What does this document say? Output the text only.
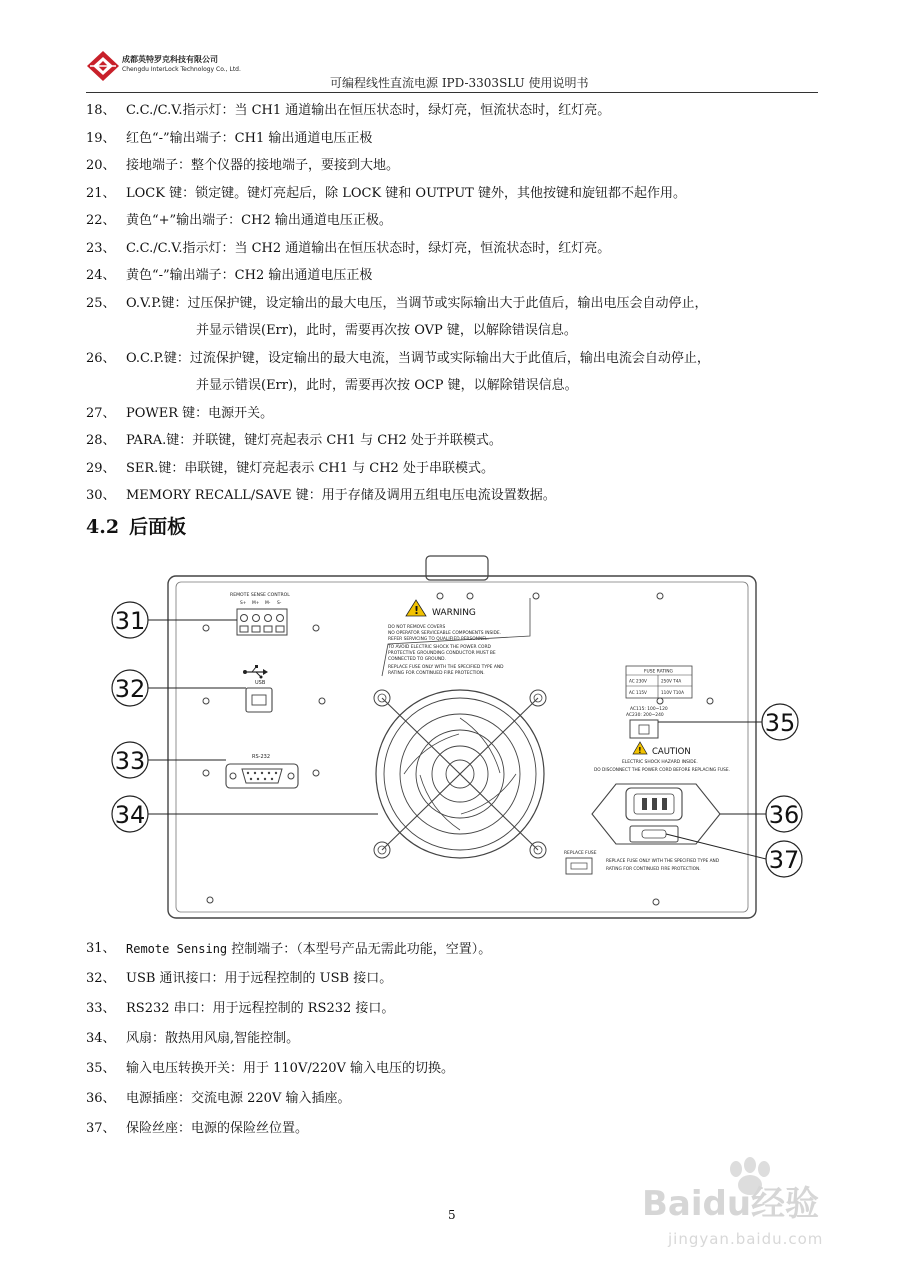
成都英特罗克科技有限公司
Chengdu InterLock Technology Co., Ltd.
可编程线性直流电源 IPD-3303SLU 使用说明书
18、 C.C./C.V.指示灯：当 CH1 通道输出在恒压状态时，绿灯亮，恒流状态时，红灯亮。
19、 红色“-”输出端子：CH1 输出通道电压正极
20、 接地端子：整个仪器的接地端子，要接到大地。
21、 LOCK 键：锁定键。键灯亮起后，除 LOCK 键和 OUTPUT 键外，其他按键和旋钮都不起作用。
22、 黄色“+”输出端子：CH2 输出通道电压正极。
23、 C.C./C.V.指示灯：当 CH2 通道输出在恒压状态时，绿灯亮，恒流状态时，红灯亮。
24、 黄色“-”输出端子：CH2 输出通道电压正极
25、 O.V.P.键：过压保护键，设定输出的最大电压，当调节或实际输出大于此值后，输出电压会自动停止，
并显示错误(Err)，此时，需要再次按 OVP 键，以解除错误信息。
26、 O.C.P.键：过流保护键，设定输出的最大电流，当调节或实际输出大于此值后，输出电流会自动停止，
并显示错误(Err)，此时，需要再次按 OCP 键，以解除错误信息。
27、 POWER 键：电源开关。
28、 PARA.键：并联键，键灯亮起表示 CH1 与 CH2 处于并联模式。
29、 SER.键：串联键，键灯亮起表示 CH1 与 CH2 处于串联模式。
30、 MEMORY RECALL/SAVE 键：用于存储及调用五组电压电流设置数据。
4.2 后面板
REMOTE SENSE CONTROL
S+ M+ M- S-
USB
RS-232
! WARNING
DO NOT REMOVE COVERS
NO OPERATOR SERVICEABLE COMPONENTS INSIDE.
REFER SERVICING TO QUALIFIED PERSONNEL.
TO AVOID ELECTRIC SHOCK THE POWER CORD
PROTECTIVE GROUNDING CONDUCTOR MUST BE
CONNECTED TO GROUND.
REPLACE FUSE ONLY WITH THE SPECIFIED TYPE AND
RATING FOR CONTINUED FIRE PROTECTION.	FUSE RATING
AC 230V	250V T4A
AC 115V	110V T10A
AC115: 100~120
AC230: 200~240
! CAUTION
ELECTRIC SHOCK HAZARD INSIDE.
DO DISCONNECT THE POWER CORD BEFORE REPLACING FUSE.
REPLACE FUSE
REPLACE FUSE ONLY WITH THE SPECIFIED TYPE AND
RATING FOR CONTINUED FIRE PROTECTION.
31
32
33
34
35
36
37
31、 Remote Sensing 控制端子：（本型号产品无需此功能，空置）。
32、 USB 通讯接口：用于远程控制的 USB 接口。
33、 RS232 串口：用于远程控制的 RS232 接口。
34、 风扇：散热用风扇,智能控制。
35、 输入电压转换开关：用于 110V/220V 输入电压的切换。
36、 电源插座：交流电源 220V 输入插座。
37、 保险丝座：电源的保险丝位置。
5	Baidu经验
jingyan.baidu.com
